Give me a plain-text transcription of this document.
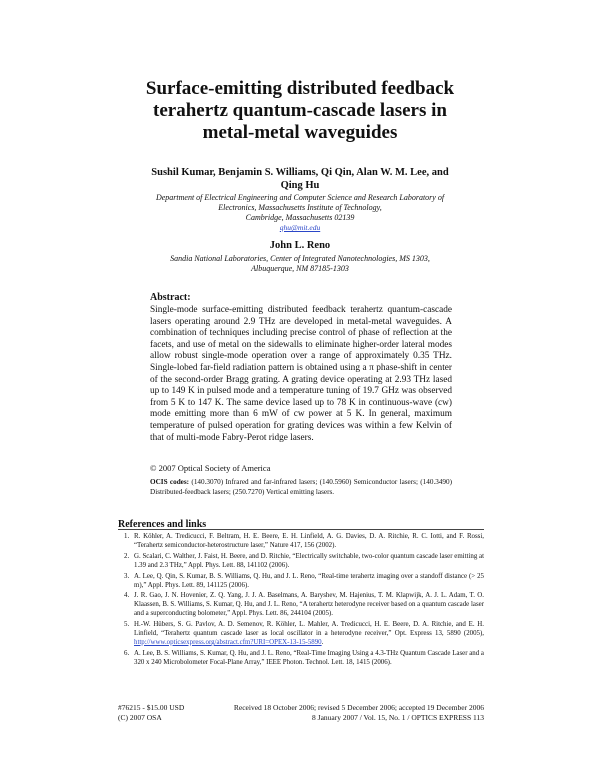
Surface-emitting distributed feedback
terahertz quantum-cascade lasers in
metal-metal waveguides
Sushil Kumar, Benjamin S. Williams, Qi Qin, Alan W. M. Lee, and
Qing Hu
Department of Electrical Engineering and Computer Science and Research Laboratory of
Electronics, Massachusetts Institute of Technology,
Cambridge, Massachusetts 02139
qhu@mit.edu
John L. Reno
Sandia National Laboratories, Center of Integrated Nanotechnologies, MS 1303,
Albuquerque, NM 87185-1303
Abstract:
Single-mode surface-emitting distributed feedback terahertz quantum-cascade lasers operating around 2.9 THz are developed in metal-metal waveguides. A combination of techniques including precise control of phase of reflection at the facets, and use of metal on the sidewalls to eliminate higher-order lateral modes allow robust single-mode operation over a range of approximately 0.35 THz. Single-lobed far-field radiation pattern is obtained using a π phase-shift in center of the second-order Bragg grating. A grating device operating at 2.93 THz lased up to 149 K in pulsed mode and a temperature tuning of 19.7 GHz was observed from 5 K to 147 K. The same device lased up to 78 K in continuous-wave (cw) mode emitting more than 6 mW of cw power at 5 K. In general, maximum temperature of pulsed operation for grating devices was within a few Kelvin of that of multi-mode Fabry-Perot ridge lasers.
© 2007 Optical Society of America
OCIS codes: (140.3070) Infrared and far-infrared lasers; (140.5960) Semiconductor lasers; (140.3490) Distributed-feedback lasers; (250.7270) Vertical emitting lasers.
References and links
1. R. Köhler, A. Tredicucci, F. Beltram, H. E. Beere, E. H. Linfield, A. G. Davies, D. A. Ritchie, R. C. Iotti, and F. Rossi, “Terahertz semiconductor-heterostructure laser,” Nature 417, 156 (2002).
2. G. Scalari, C. Walther, J. Faist, H. Beere, and D. Ritchie, “Electrically switchable, two-color quantum cascade laser emitting at 1.39 and 2.3 THz,” Appl. Phys. Lett. 88, 141102 (2006).
3. A. Lee, Q. Qin, S. Kumar, B. S. Williams, Q. Hu, and J. L. Reno, “Real-time terahertz imaging over a standoff distance (> 25 m),” Appl. Phys. Lett. 89, 141125 (2006).
4. J. R. Gao, J. N. Hovenier, Z. Q. Yang, J. J. A. Baselmans, A. Baryshev, M. Hajenius, T. M. Klapwijk, A. J. L. Adam, T. O. Klaassen, B. S. Williams, S. Kumar, Q. Hu, and J. L. Reno, “A terahertz heterodyne receiver based on a quantum cascade laser and a superconducting bolometer,” Appl. Phys. Lett. 86, 244104 (2005).
5. H.-W. Hübers, S. G. Pavlov, A. D. Semenov, R. Köhler, L. Mahler, A. Tredicucci, H. E. Beere, D. A. Ritchie, and E. H. Linfield, “Terahertz quantum cascade laser as local oscillator in a heterodyne receiver,” Opt. Express 13, 5890 (2005), http://www.opticsexpress.org/abstract.cfm?URI=OPEX-13-15-5890.
6. A. Lee, B. S. Williams, S. Kumar, Q. Hu, and J. L. Reno, “Real-Time Imaging Using a 4.3-THz Quantum Cascade Laser and a 320 x 240 Microbolometer Focal-Plane Array,” IEEE Photon. Technol. Lett. 18, 1415 (2006).
#76215 - $15.00 USD	Received 18 October 2006; revised 5 December 2006; accepted 19 December 2006
(C) 2007 OSA	8 January 2007 / Vol. 15, No. 1 / OPTICS EXPRESS 113
